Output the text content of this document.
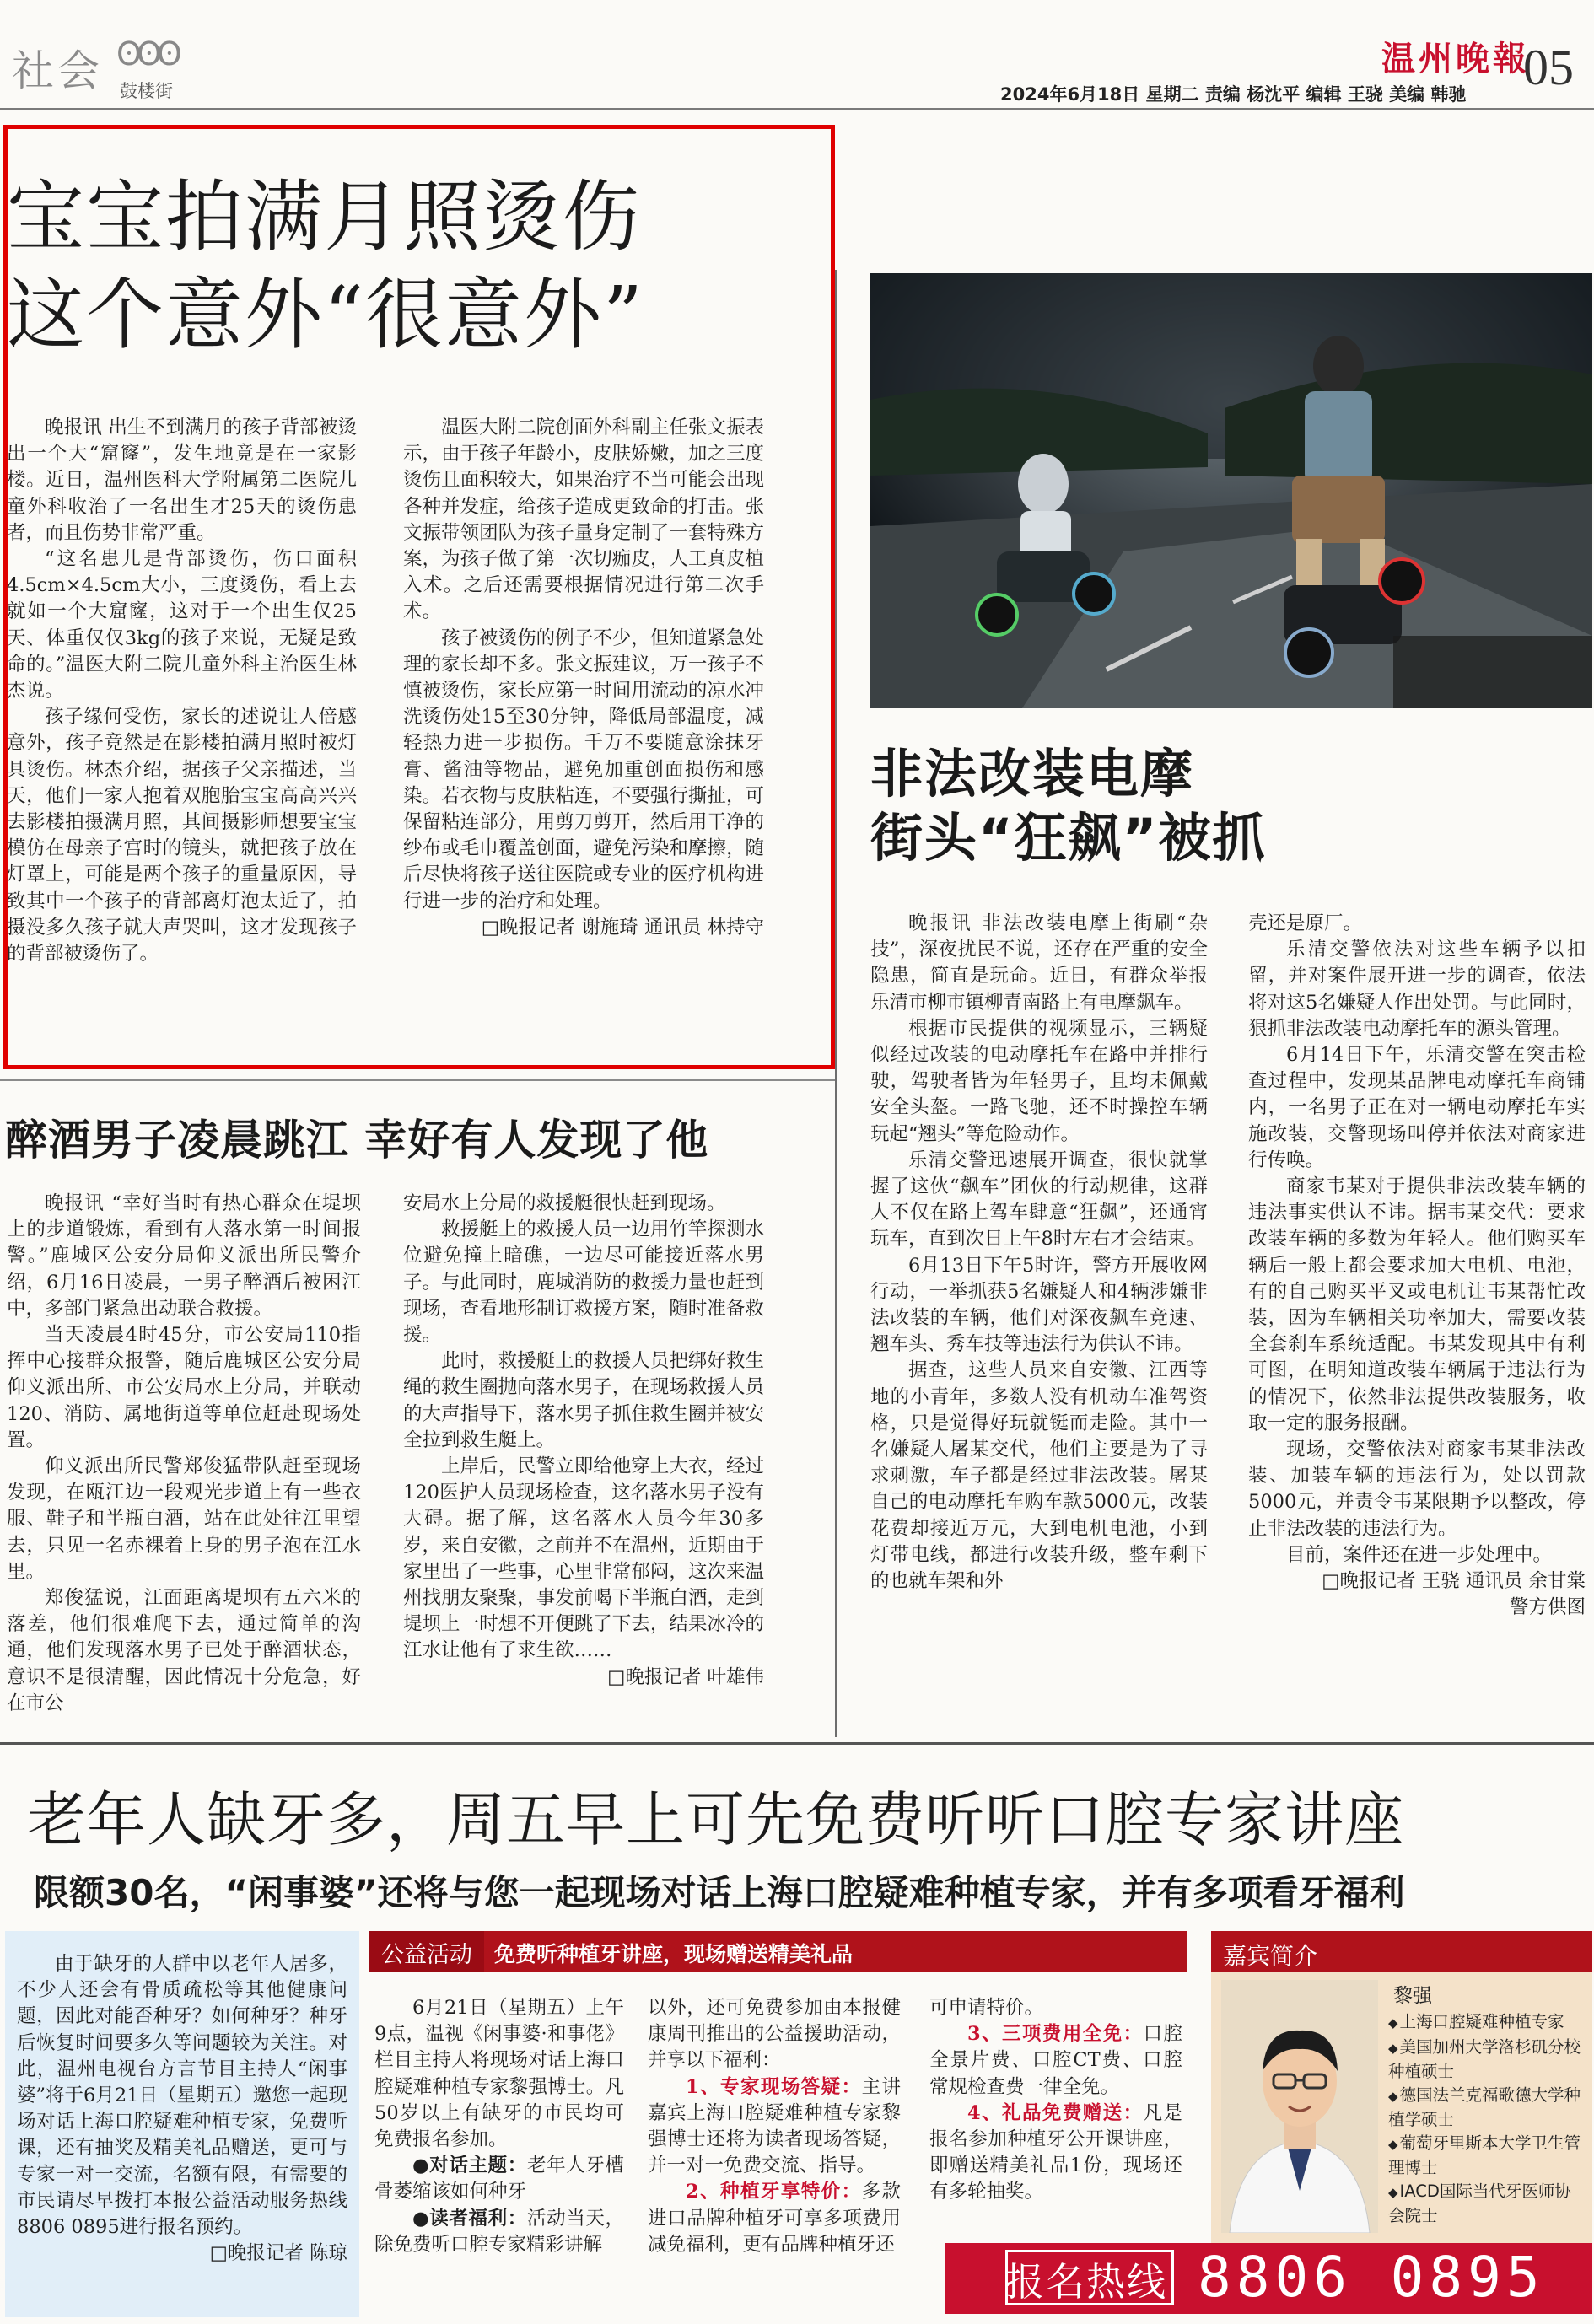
社会 ʘʘʘ
鼓楼街	2024年6月18日 星期二 责编 杨沈平 编辑 王骁 美编 韩驰
温州晚報
05
宝宝拍满月照烫伤
这个意外“很意外”

晚报讯 出生不到满月的孩子背部被烫出一个大“窟窿”，发生地竟是在一家影楼。近日，温州医科大学附属第二医院儿童外科收治了一名出生才25天的烫伤患者，而且伤势非常严重。

“这名患儿是背部烫伤，伤口面积4.5cm×4.5cm大小，三度烫伤，看上去就如一个大窟窿，这对于一个出生仅25天、体重仅仅3kg的孩子来说，无疑是致命的。”温医大附二院儿童外科主治医生林杰说。

孩子缘何受伤，家长的述说让人倍感意外，孩子竟然是在影楼拍满月照时被灯具烫伤。林杰介绍，据孩子父亲描述，当天，他们一家人抱着双胞胎宝宝高高兴兴去影楼拍摄满月照，其间摄影师想要宝宝模仿在母亲子宫时的镜头，就把孩子放在灯罩上，可能是两个孩子的重量原因，导致其中一个孩子的背部离灯泡太近了，拍摄没多久孩子就大声哭叫，这才发现孩子的背部被烫伤了。

温医大附二院创面外科副主任张文振表示，由于孩子年龄小，皮肤娇嫩，加之三度烫伤且面积较大，如果治疗不当可能会出现各种并发症，给孩子造成更致命的打击。张文振带领团队为孩子量身定制了一套特殊方案，为孩子做了第一次切痂皮，人工真皮植入术。之后还需要根据情况进行第二次手术。

孩子被烫伤的例子不少，但知道紧急处理的家长却不多。张文振建议，万一孩子不慎被烫伤，家长应第一时间用流动的凉水冲洗烫伤处15至30分钟，降低局部温度，减轻热力进一步损伤。千万不要随意涂抹牙膏、酱油等物品，避免加重创面损伤和感染。若衣物与皮肤粘连，不要强行撕扯，可保留粘连部分，用剪刀剪开，然后用干净的纱布或毛巾覆盖创面，避免污染和摩擦，随后尽快将孩子送往医院或专业的医疗机构进行进一步的治疗和处理。

□晚报记者 谢施琦 通讯员 林持守

醉酒男子凌晨跳江 幸好有人发现了他

晚报讯 “幸好当时有热心群众在堤坝上的步道锻炼，看到有人落水第一时间报警。”鹿城区公安分局仰义派出所民警介绍，6月16日凌晨，一男子醉酒后被困江中，多部门紧急出动联合救援。

当天凌晨4时45分，市公安局110指挥中心接群众报警，随后鹿城区公安分局仰义派出所、市公安局水上分局，并联动120、消防、属地街道等单位赶赴现场处置。

仰义派出所民警郑俊猛带队赶至现场发现，在瓯江边一段观光步道上有一些衣服、鞋子和半瓶白酒，站在此处往江里望去，只见一名赤裸着上身的男子泡在江水里。

郑俊猛说，江面距离堤坝有五六米的落差，他们很难爬下去，通过简单的沟通，他们发现落水男子已处于醉酒状态，意识不是很清醒，因此情况十分危急，好在市公

安局水上分局的救援艇很快赶到现场。

救援艇上的救援人员一边用竹竿探测水位避免撞上暗礁，一边尽可能接近落水男子。与此同时，鹿城消防的救援力量也赶到现场，查看地形制订救援方案，随时准备救援。

此时，救援艇上的救援人员把绑好救生绳的救生圈抛向落水男子，在现场救援人员的大声指导下，落水男子抓住救生圈并被安全拉到救生艇上。

上岸后，民警立即给他穿上大衣，经过120医护人员现场检查，这名落水男子没有大碍。据了解，这名落水人员今年30多岁，来自安徽，之前并不在温州，近期由于家里出了一些事，心里非常郁闷，这次来温州找朋友聚聚，事发前喝下半瓶白酒，走到堤坝上一时想不开便跳了下去，结果冰冷的江水让他有了求生欲……

□晚报记者 叶雄伟

非法改装电摩
街头“狂飙”被抓

晚报讯 非法改装电摩上街刷“杂技”，深夜扰民不说，还存在严重的安全隐患，简直是玩命。近日，有群众举报乐清市柳市镇柳青南路上有电摩飙车。

根据市民提供的视频显示，三辆疑似经过改装的电动摩托车在路中并排行驶，驾驶者皆为年轻男子，且均未佩戴安全头盔。一路飞驰，还不时操控车辆玩起“翘头”等危险动作。

乐清交警迅速展开调查，很快就掌握了这伙“飙车”团伙的行动规律，这群人不仅在路上驾车肆意“狂飙”，还通宵玩车，直到次日上午8时左右才会结束。

6月13日下午5时许，警方开展收网行动，一举抓获5名嫌疑人和4辆涉嫌非法改装的车辆，他们对深夜飙车竞速、翘车头、秀车技等违法行为供认不讳。

据查，这些人员来自安徽、江西等地的小青年，多数人没有机动车准驾资格，只是觉得好玩就铤而走险。其中一名嫌疑人屠某交代，他们主要是为了寻求刺激，车子都是经过非法改装。屠某自己的电动摩托车购车款5000元，改装花费却接近万元，大到电机电池，小到灯带电线，都进行改装升级，整车剩下的也就车架和外

壳还是原厂。

乐清交警依法对这些车辆予以扣留，并对案件展开进一步的调查，依法将对这5名嫌疑人作出处罚。与此同时，狠抓非法改装电动摩托车的源头管理。

6月14日下午，乐清交警在突击检查过程中，发现某品牌电动摩托车商铺内，一名男子正在对一辆电动摩托车实施改装，交警现场叫停并依法对商家进行传唤。

商家韦某对于提供非法改装车辆的违法事实供认不讳。据韦某交代：要求改装车辆的多数为年轻人。他们购买车辆后一般上都会要求加大电机、电池，有的自己购买平叉或电机让韦某帮忙改装，因为车辆相关功率加大，需要改装全套刹车系统适配。韦某发现其中有利可图，在明知道改装车辆属于违法行为的情况下，依然非法提供改装服务，收取一定的服务报酬。

现场，交警依法对商家韦某非法改装、加装车辆的违法行为，处以罚款5000元，并责令韦某限期予以整改，停止非法改装的违法行为。

目前，案件还在进一步处理中。

□晚报记者 王骁 通讯员 余甘棠

警方供图

老年人缺牙多，周五早上可先免费听听口腔专家讲座
限额30名，“闲事婆”还将与您一起现场对话上海口腔疑难种植专家，并有多项看牙福利

由于缺牙的人群中以老年人居多，不少人还会有骨质疏松等其他健康问题，因此对能否种牙？如何种牙？种牙后恢复时间要多久等问题较为关注。对此，温州电视台方言节目主持人“闲事婆”将于6月21日（星期五）邀您一起现场对话上海口腔疑难种植专家，免费听课，还有抽奖及精美礼品赠送，更可与专家一对一交流，名额有限，有需要的市民请尽早拨打本报公益活动服务热线8806 0895进行报名预约。

□晚报记者 陈琼

公益活动	免费听种植牙讲座，现场赠送精美礼品

6月21日（星期五）上午9点，温视《闲事婆·和事佬》栏目主持人将现场对话上海口腔疑难种植专家黎强博士。凡50岁以上有缺牙的市民均可免费报名参加。

●对话主题：老年人牙槽骨萎缩该如何种牙

●读者福利：活动当天，除免费听口腔专家精彩讲解

以外，还可免费参加由本报健康周刊推出的公益援助活动，并享以下福利：

1、专家现场答疑：主讲嘉宾上海口腔疑难种植专家黎强博士还将为读者现场答疑，并一对一免费交流、指导。

2、种植牙享特价：多款进口品牌种植牙可享多项费用减免福利，更有品牌种植牙还

可申请特价。

3、三项费用全免：口腔全景片费、口腔CT费、口腔常规检查费一律全免。

4、礼品免费赠送：凡是报名参加种植牙公开课讲座，即赠送精美礼品1份，现场还有多轮抽奖。

嘉宾简介
黎强
◆ 上海口腔疑难种植专家
◆ 美国加州大学洛杉矶分校种植硕士
◆ 德国法兰克福歌德大学种植学硕士
◆ 葡萄牙里斯本大学卫生管理博士
◆ IACD国际当代牙医师协会院士
报名热线 8806 0895
